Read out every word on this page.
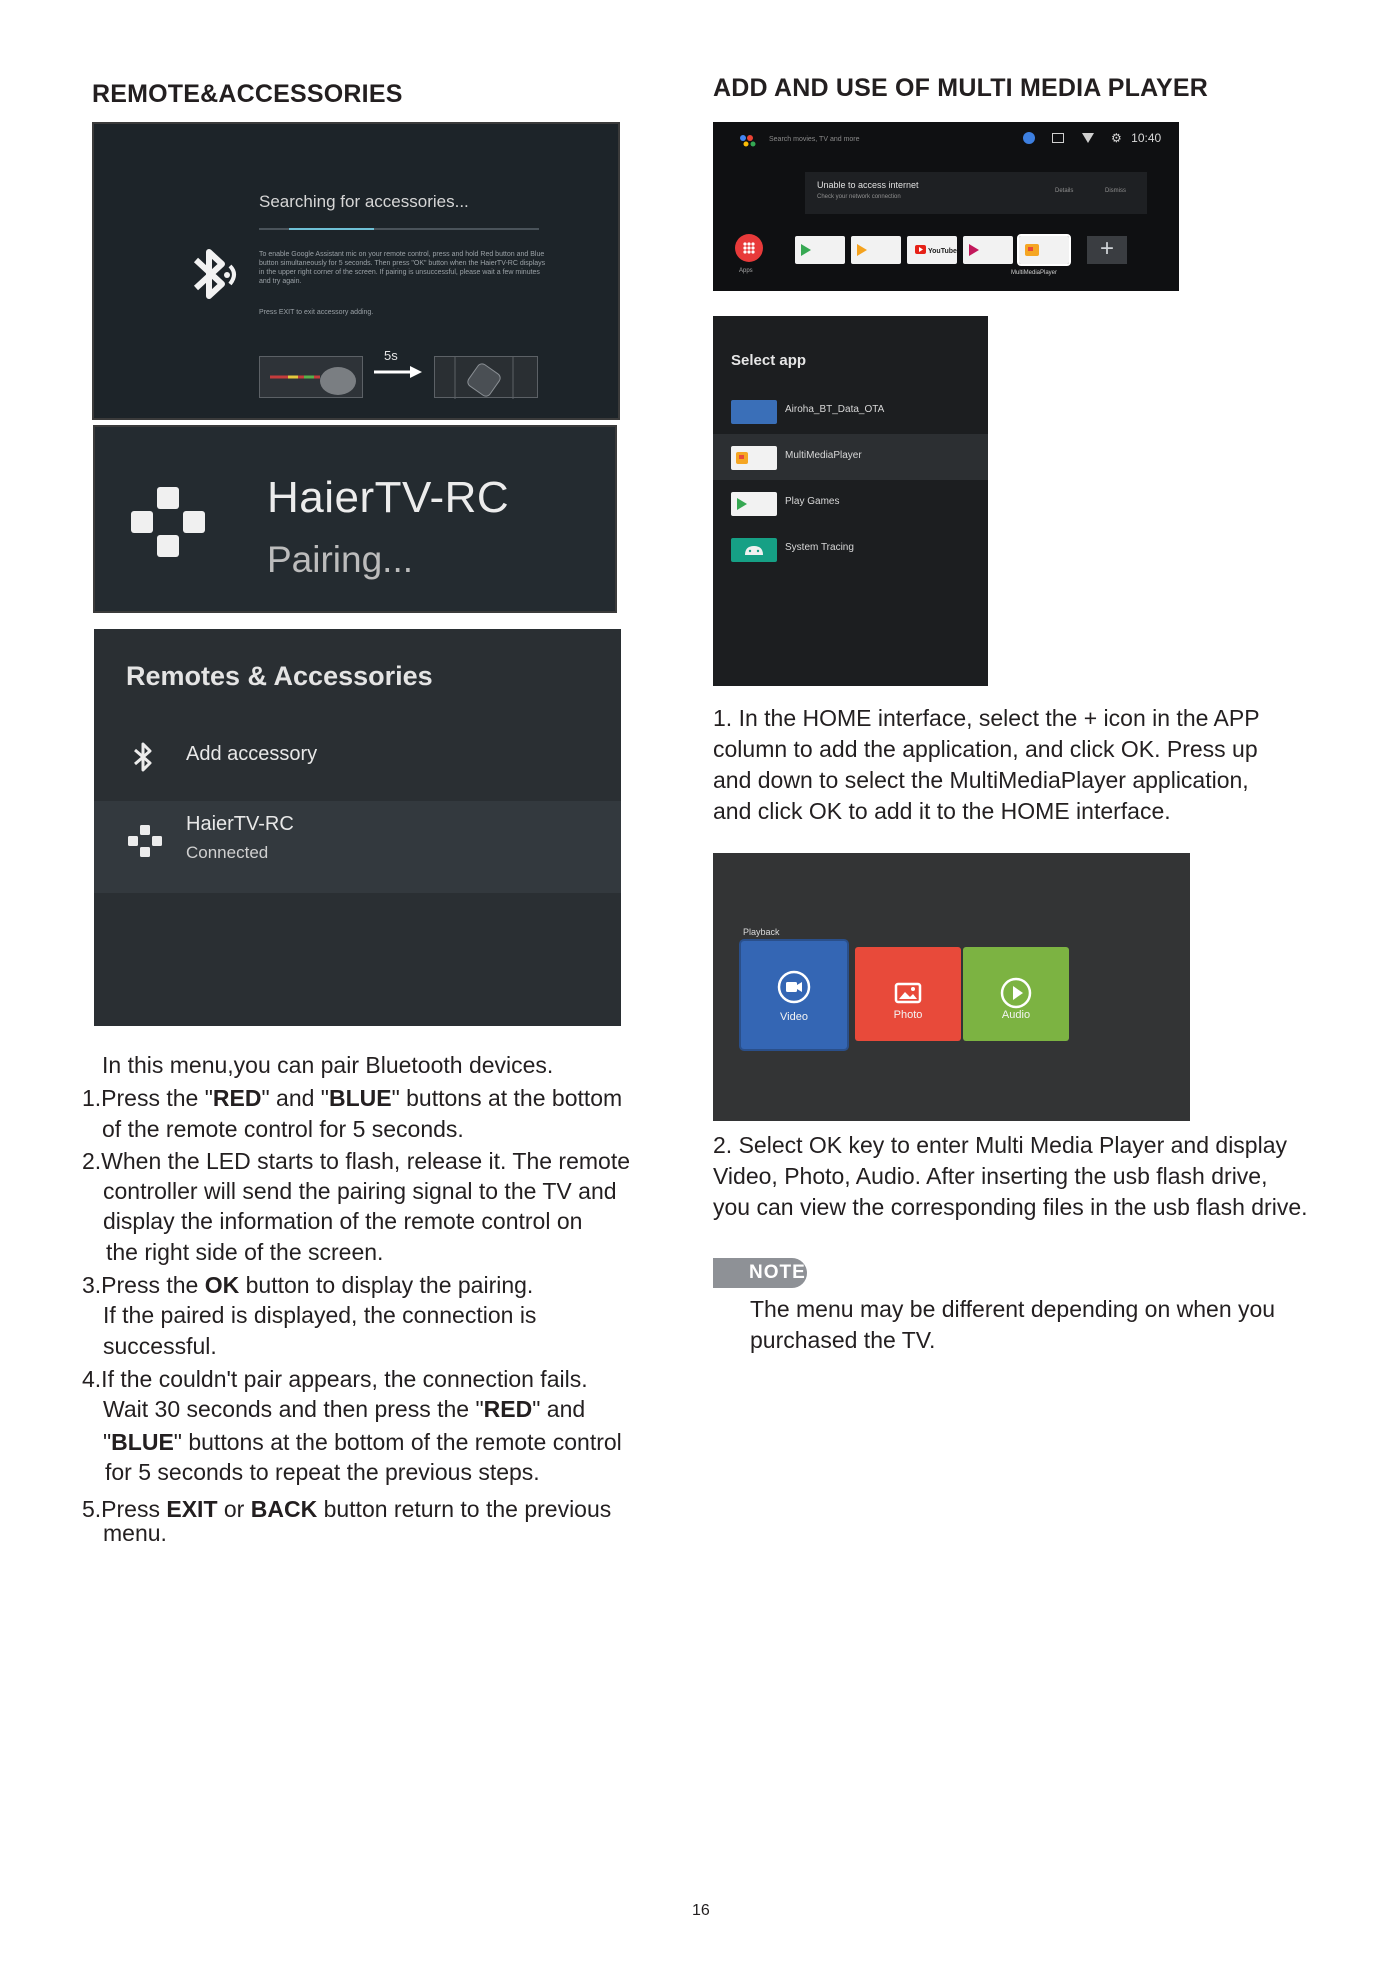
REMOTE&ACCESSORIES
Searching for accessories...
To enable Google Assistant mic on your remote control, press and hold Red button and Blue button simultaneously for 5 seconds. Then press "OK" button when the HaierTV-RC displays in the upper right corner of the screen. If pairing is unsuccessful, please wait a few minutes and try again.
Press EXIT to exit accessory adding.
5s
HaierTV-RC
Pairing...
Remotes & Accessories
Add accessory
HaierTV-RC
Connected
In this menu,you can pair Bluetooth devices.
1.Press the "RED" and "BLUE" buttons at the bottom
of the remote control for 5 seconds.
2.When the LED starts to flash, release it. The remote
controller will send the pairing signal to the TV and
display the information of the remote control on
the right side of the screen.
3.Press the OK button to display the pairing.
If the paired is displayed, the connection is
successful.
4.If the couldn't pair appears, the connection fails.
Wait 30 seconds and then press the "RED" and
"BLUE" buttons at the bottom of the remote control
for 5 seconds to repeat the previous steps.
5.Press EXIT or BACK button return to the previous
menu.
ADD AND USE OF MULTI MEDIA PLAYER
Search movies, TV and more	⚙ 10:40
Unable to access internet
Check your network connection
Details	Dismiss
Apps
YouTube	+
MultiMediaPlayer
Select app
Airoha_BT_Data_OTA
MultiMediaPlayer
Play Games
System Tracing
1. In the HOME interface, select the + icon in the APP
column to add the application, and click OK. Press up
and down to select the MultiMediaPlayer application,
and click OK to add it to the HOME interface.
Playback
Video	Photo	Audio
2. Select OK key to enter Multi Media Player and display
Video, Photo, Audio. After inserting the usb flash drive,
you can view the corresponding files in the usb flash drive.
NOTE
The menu may be different depending on when you
purchased the TV.
16
